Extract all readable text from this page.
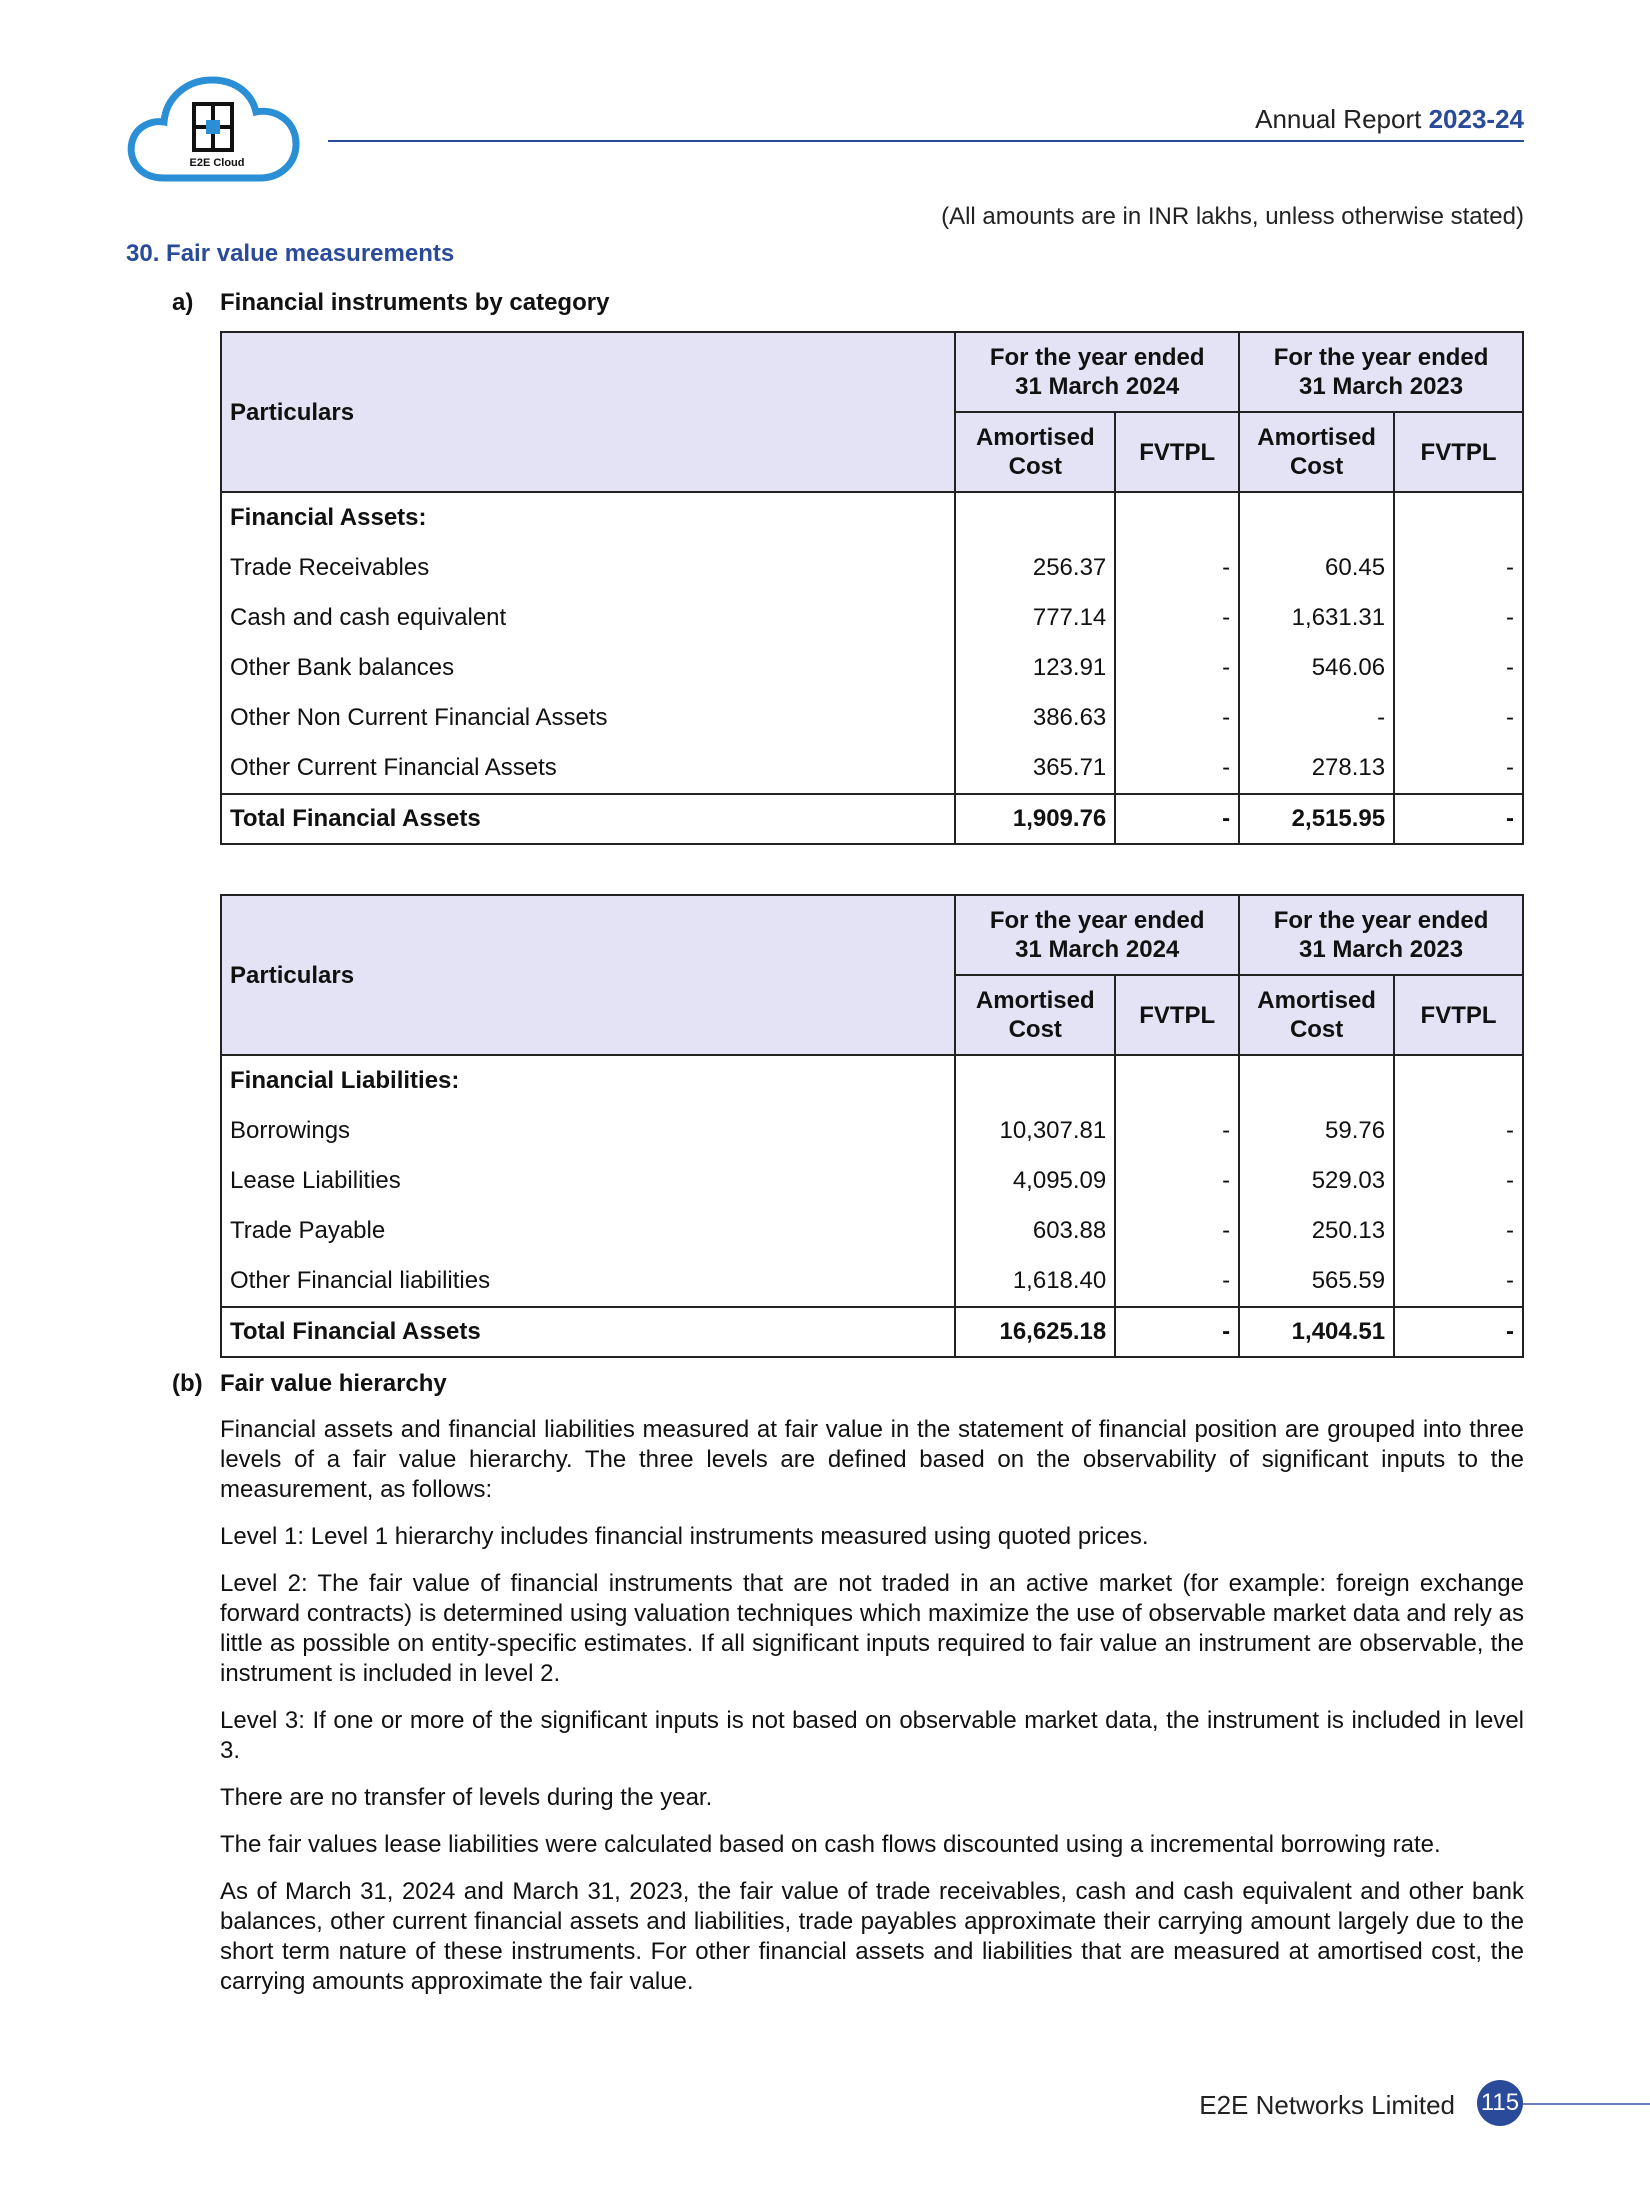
E2E Cloud
Annual Report 2023-24
(All amounts are in INR lakhs, unless otherwise stated)
30. Fair value measurements
a) Financial instruments by category
Particulars	For the year ended 31 March 2024		For the year ended 31 March 2023	
	Amortised Cost	FVTPL	Amortised Cost	FVTPL
Financial Assets:				
Trade Receivables	256.37	-	60.45	-
Cash and cash equivalent	777.14	-	1,631.31	-
Other Bank balances	123.91	-	546.06	-
Other Non Current Financial Assets	386.63	-	-	-
Other Current Financial Assets	365.71	-	278.13	-
Total Financial Assets	1,909.76	-	2,515.95	-
Particulars	For the year ended 31 March 2024		For the year ended 31 March 2023	
	Amortised Cost	FVTPL	Amortised Cost	FVTPL
Financial Liabilities:				
Borrowings	10,307.81	-	59.76	-
Lease Liabilities	4,095.09	-	529.03	-
Trade Payable	603.88	-	250.13	-
Other Financial liabilities	1,618.40	-	565.59	-
Total Financial Assets	16,625.18	-	1,404.51	-
(b) Fair value hierarchy

Financial assets and financial liabilities measured at fair value in the statement of financial position are grouped into three levels of a fair value hierarchy. The three levels are defined based on the observability of significant inputs to the measurement, as follows:

Level 1: Level 1 hierarchy includes financial instruments measured using quoted prices.

Level 2: The fair value of financial instruments that are not traded in an active market (for example: foreign exchange forward contracts) is determined using valuation techniques which maximize the use of observable market data and rely as little as possible on entity-specific estimates. If all significant inputs required to fair value an instrument are observable, the instrument is included in level 2.

Level 3: If one or more of the significant inputs is not based on observable market data, the instrument is included in level 3.

There are no transfer of levels during the year.

The fair values lease liabilities were calculated based on cash flows discounted using a incremental borrowing rate.

As of March 31, 2024 and March 31, 2023, the fair value of trade receivables, cash and cash equivalent and other bank balances, other current financial assets and liabilities, trade payables approximate their carrying amount largely due to the short term nature of these instruments. For other financial assets and liabilities that are measured at amortised cost, the carrying amounts approximate the fair value.

E2E Networks Limited 115
